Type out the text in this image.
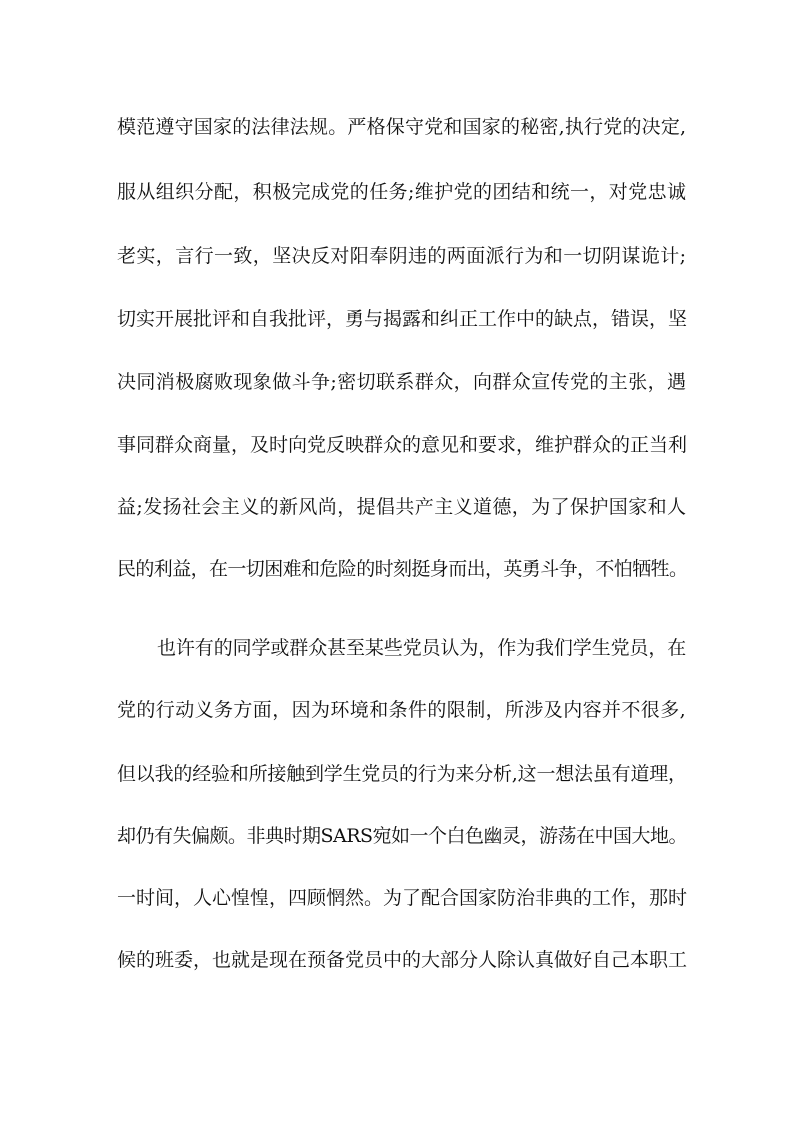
模范遵守国家的法律法规。严格保守党和国家的秘密,执行党的决定,
服从组织分配，积极完成党的任务;维护党的团结和统一，对党忠诚
老实，言行一致，坚决反对阳奉阴违的两面派行为和一切阴谋诡计;
切实开展批评和自我批评，勇与揭露和纠正工作中的缺点，错误，坚
决同消极腐败现象做斗争;密切联系群众，向群众宣传党的主张，遇
事同群众商量，及时向党反映群众的意见和要求，维护群众的正当利
益;发扬社会主义的新风尚，提倡共产主义道德，为了保护国家和人
民的利益，在一切困难和危险的时刻挺身而出，英勇斗争，不怕牺牲。
也许有的同学或群众甚至某些党员认为，作为我们学生党员，在
党的行动义务方面，因为环境和条件的限制，所涉及内容并不很多,
但以我的经验和所接触到学生党员的行为来分析,这一想法虽有道理，
却仍有失偏颇。非典时期SARS宛如一个白色幽灵，游荡在中国大地。
一时间，人心惶惶，四顾惘然。为了配合国家防治非典的工作，那时
候的班委，也就是现在预备党员中的大部分人除认真做好自己本职工
